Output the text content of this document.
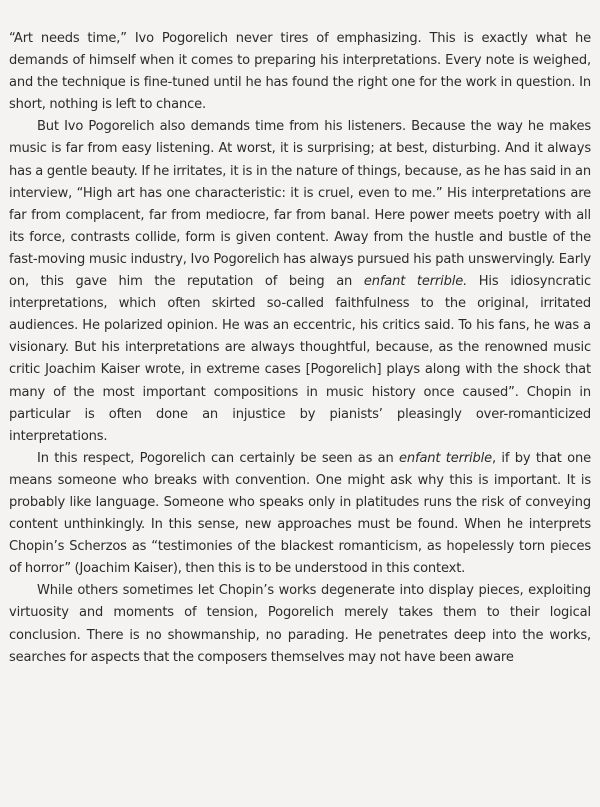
“Art needs time,” Ivo Pogorelich never tires of emphasizing. This is exactly what he demands of himself when it comes to preparing his interpretations. Every note is weighed, and the technique is fine-tuned until he has found the right one for the work in question. In short, nothing is left to chance.

But Ivo Pogorelich also demands time from his listeners. Because the way he makes music is far from easy listening. At worst, it is surprising; at best, disturbing. And it always has a gentle beauty. If he irritates, it is in the nature of things, because, as he has said in an interview, “High art has one characteristic: it is cruel, even to me.” His interpretations are far from complacent, far from mediocre, far from banal. Here power meets poetry with all its force, contrasts collide, form is given content. Away from the hustle and bustle of the fast-moving music industry, Ivo Pogorelich has always pursued his path unswervingly. Early on, this gave him the reputation of being an enfant terrible. His idiosyncratic interpretations, which often skirted so-called faithfulness to the original, irritated audiences. He polarized opinion. He was an eccentric, his critics said. To his fans, he was a visionary. But his interpretations are always thoughtful, because, as the renowned music critic Joachim Kaiser wrote, in extreme cases [Pogorelich] plays along with the shock that many of the most important compositions in music history once caused”. Chopin in particular is often done an injustice by pianists’ pleasingly over-romanticized interpretations.

In this respect, Pogorelich can certainly be seen as an enfant terrible, if by that one means someone who breaks with convention. One might ask why this is important. It is probably like language. Someone who speaks only in platitudes runs the risk of conveying content unthinkingly. In this sense, new approaches must be found. When he interprets Chopin’s Scherzos as “testimonies of the blackest romanticism, as hopelessly torn pieces of horror” (Joachim Kaiser), then this is to be understood in this context.

While others sometimes let Chopin’s works degenerate into display pieces, exploiting virtuosity and moments of tension, Pogorelich merely takes them to their logical conclusion. There is no showmanship, no parading. He penetrates deep into the works, searches for aspects that the composers themselves may not have been aware
